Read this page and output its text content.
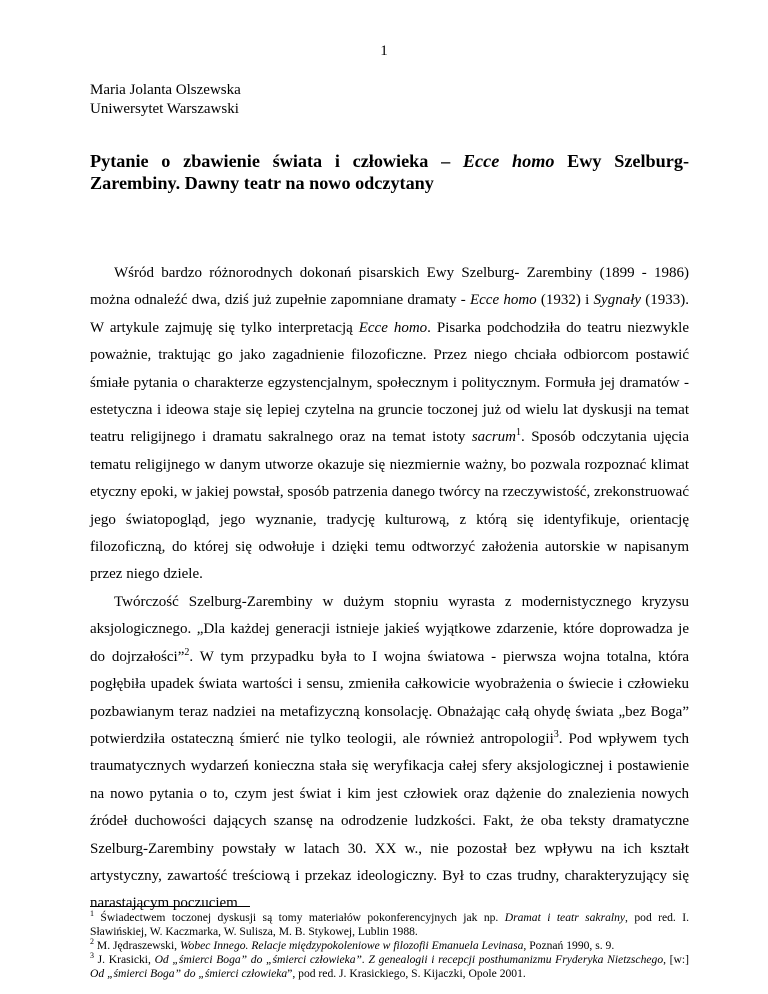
1
Maria Jolanta Olszewska
Uniwersytet Warszawski
Pytanie o zbawienie świata i człowieka – Ecce homo Ewy Szelburg-Zarembiny. Dawny teatr na nowo odczytany

Wśród bardzo różnorodnych dokonań pisarskich Ewy Szelburg- Zarembiny (1899 - 1986) można odnaleźć dwa, dziś już zupełnie zapomniane dramaty - Ecce homo (1932) i Sygnały (1933). W artykule zajmuję się tylko interpretacją Ecce homo. Pisarka podchodziła do teatru niezwykle poważnie, traktując go jako zagadnienie filozoficzne. Przez niego chciała odbiorcom postawić śmiałe pytania o charakterze egzystencjalnym, społecznym i politycznym. Formuła jej dramatów - estetyczna i ideowa staje się lepiej czytelna na gruncie toczonej już od wielu lat dyskusji na temat teatru religijnego i dramatu sakralnego oraz na temat istoty sacrum$^1$. Sposób odczytania ujęcia tematu religijnego w danym utworze okazuje się niezmiernie ważny, bo pozwala rozpoznać klimat etyczny epoki, w jakiej powstał, sposób patrzenia danego twórcy na rzeczywistość, zrekonstruować jego światopogląd, jego wyznanie, tradycję kulturową, z którą się identyfikuje, orientację filozoficzną, do której się odwołuje i dzięki temu odtworzyć założenia autorskie w napisanym przez niego dziele.

Twórczość Szelburg-Zarembiny w dużym stopniu wyrasta z modernistycznego kryzysu aksjologicznego. „Dla każdej generacji istnieje jakieś wyjątkowe zdarzenie, które doprowadza je do dojrzałości”$^2$. W tym przypadku była to I wojna światowa - pierwsza wojna totalna, która pogłębiła upadek świata wartości i sensu, zmieniła całkowicie wyobrażenia o świecie i człowieku pozbawianym teraz nadziei na metafizyczną konsolację. Obnażając całą ohydę świata „bez Boga” potwierdziła ostateczną śmierć nie tylko teologii, ale również antropologii$^3$. Pod wpływem tych traumatycznych wydarzeń konieczna stała się weryfikacja całej sfery aksjologicznej i postawienie na nowo pytania o to, czym jest świat i kim jest człowiek oraz dążenie do znalezienia nowych źródeł duchowości dających szansę na odrodzenie ludzkości. Fakt, że oba teksty dramatyczne Szelburg-Zarembiny powstały w latach 30. XX w., nie pozostał bez wpływu na ich kształt artystyczny, zawartość treściową i przekaz ideologiczny. Był to czas trudny, charakteryzujący się narastającym poczuciem

$^1$ Świadectwem toczonej dyskusji są tomy materiałów pokonferencyjnych jak np. Dramat i teatr sakralny, pod red. I. Sławińskiej, W. Kaczmarka, W. Sulisza, M. B. Stykowej, Lublin 1988.
$^2$ M. Jędraszewski, Wobec Innego. Relacje międzypokoleniowe w filozofii Emanuela Levinasa, Poznań 1990, s. 9.
$^3$ J. Krasicki, Od „śmierci Boga” do „śmierci człowieka”. Z genealogii i recepcji posthumanizmu Fryderyka Nietzschego, [w:] Od „śmierci Boga” do „śmierci człowieka”, pod red. J. Krasickiego, S. Kijaczki, Opole 2001.
